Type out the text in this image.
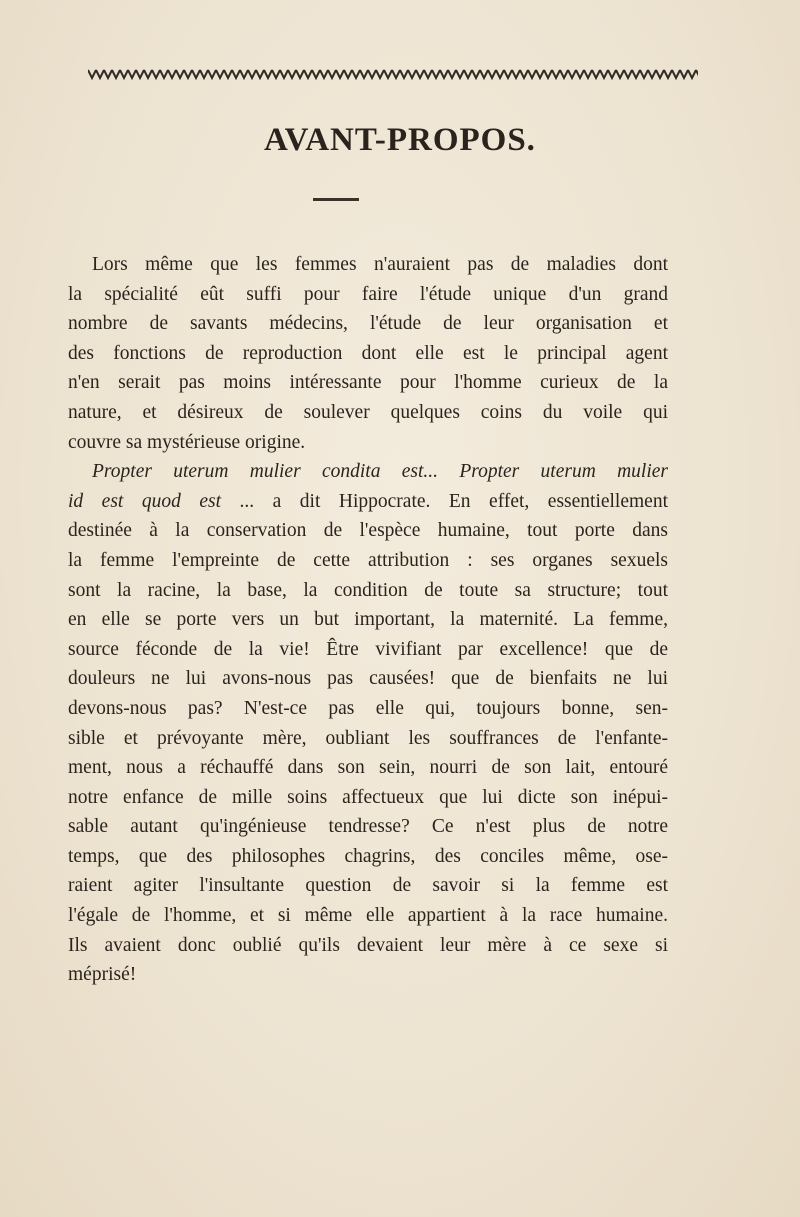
AVANT-PROPOS.
Lors même que les femmes n'auraient pas de maladies dont
la spécialité eût suffi pour faire l'étude unique d'un grand
nombre de savants médecins, l'étude de leur organisation et
des fonctions de reproduction dont elle est le principal agent
n'en serait pas moins intéressante pour l'homme curieux de la
nature, et désireux de soulever quelques coins du voile qui
couvre sa mystérieuse origine.
Propter uterum mulier condita est... Propter uterum mulier
id est quod est ... a dit Hippocrate. En effet, essentiellement
destinée à la conservation de l'espèce humaine, tout porte dans
la femme l'empreinte de cette attribution : ses organes sexuels
sont la racine, la base, la condition de toute sa structure; tout
en elle se porte vers un but important, la maternité. La femme,
source féconde de la vie! Être vivifiant par excellence! que de
douleurs ne lui avons-nous pas causées! que de bienfaits ne lui
devons-nous pas? N'est-ce pas elle qui, toujours bonne, sen-
sible et prévoyante mère, oubliant les souffrances de l'enfante-
ment, nous a réchauffé dans son sein, nourri de son lait, entouré
notre enfance de mille soins affectueux que lui dicte son inépui-
sable autant qu'ingénieuse tendresse? Ce n'est plus de notre
temps, que des philosophes chagrins, des conciles même, ose-
raient agiter l'insultante question de savoir si la femme est
l'égale de l'homme, et si même elle appartient à la race humaine.
Ils avaient donc oublié qu'ils devaient leur mère à ce sexe si
méprisé!
